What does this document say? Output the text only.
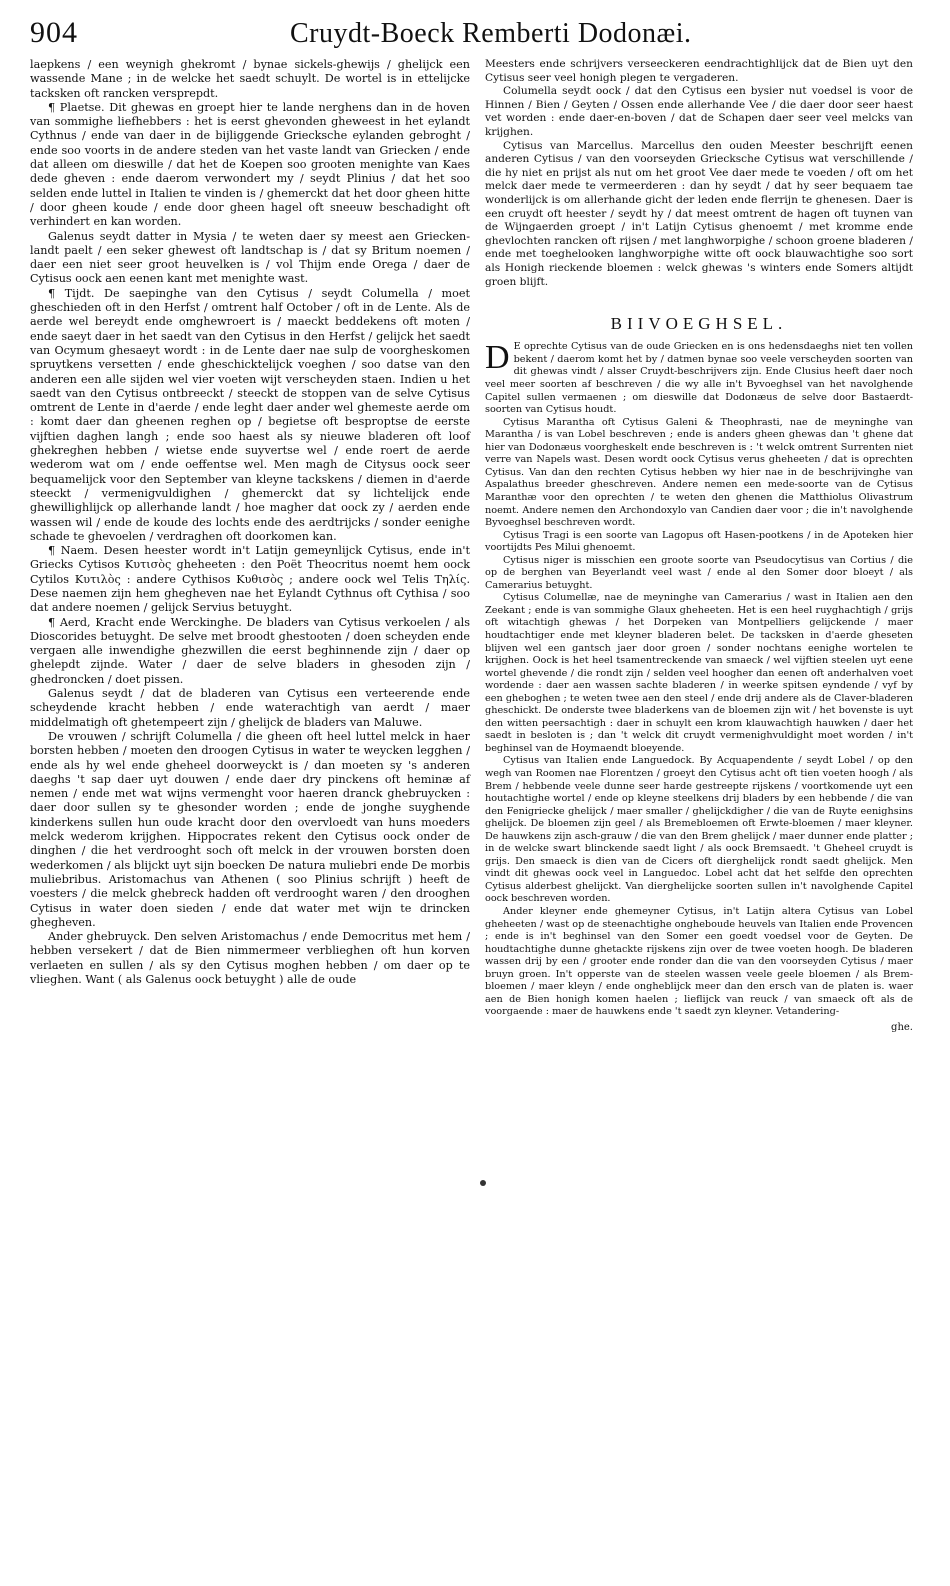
904	Cruydt-Boeck Remberti Dodonæi.

laepkens / een weynigh ghekromt / bynae sickels-ghewijs / ghelijck een wassende Mane ; in de welcke het saedt schuylt. De wortel is in ettelijcke tacksken oft rancken versprepdt.

¶ Plaetse. Dit ghewas en groept hier te lande nerghens dan in de hoven van sommighe liefhebbers : het is eerst ghevonden gheweest in het eylandt Cythnus / ende van daer in de bijliggende Griecksche eylanden gebroght / ende soo voorts in de andere steden van het vaste landt van Griecken / ende dat alleen om dieswille / dat het de Koepen soo grooten menighte van Kaes dede gheven : ende daerom verwondert my / seydt Plinius / dat het soo selden ende luttel in Italien te vinden is / ghemerckt dat het door gheen hitte / door gheen koude / ende door gheen hagel oft sneeuw beschadight oft verhindert en kan worden.

Galenus seydt datter in Mysia / te weten daer sy meest aen Griecken-landt paelt / een seker ghewest oft landtschap is / dat sy Britum noemen / daer een niet seer groot heuvelken is / vol Thijm ende Orega / daer de Cytisus oock aen eenen kant met menighte wast.

¶ Tijdt. De saepinghe van den Cytisus / seydt Columella / moet gheschieden oft in den Herfst / omtrent half October / oft in de Lente. Als de aerde wel bereydt ende omghewroert is / maeckt beddekens oft moten / ende saeyt daer in het saedt van den Cytisus in den Herfst / gelijck het saedt van Ocymum ghesaeyt wordt : in de Lente daer nae sulp de voorgheskomen spruytkens versetten / ende gheschicktelijck voeghen / soo datse van den anderen een alle sijden wel vier voeten wijt verscheyden staen. Indien u het saedt van den Cytisus ontbreeckt / steeckt de stoppen van de selve Cytisus omtrent de Lente in d'aerde / ende leght daer ander wel ghemeste aerde om : komt daer dan gheenen reghen op / begietse oft besproptse de eerste vijftien daghen langh ; ende soo haest als sy nieuwe bladeren oft loof ghekreghen hebben / wietse ende suyvertse wel / ende roert de aerde wederom wat om / ende oeffentse wel. Men magh de Citysus oock seer bequamelijck voor den September van kleyne tackskens / diemen in d'aerde steeckt / vermenigvuldighen / ghemerckt dat sy lichtelijck ende ghewillighlijck op allerhande landt / hoe magher dat oock zy / aerden ende wassen wil / ende de koude des lochts ende des aerdtrijcks / sonder eenighe schade te ghevoelen / verdraghen oft doorkomen kan.

¶ Naem. Desen heester wordt in't Latijn gemeynlijck Cytisus, ende in't Griecks Cytisos Κυτισὸς gheheeten : den Poët Theocritus noemt hem oock Cytilos Κυτιλὸς : andere Cythisos Κυθισὸς ; andere oock wel Telis Τηλίς. Dese naemen zijn hem ghegheven nae het Eylandt Cythnus oft Cythisa / soo dat andere noemen / gelijck Servius betuyght.

¶ Aerd, Kracht ende Werckinghe. De bladers van Cytisus verkoelen / als Dioscorides betuyght. De selve met broodt ghestooten / doen scheyden ende vergaen alle inwendighe ghezwillen die eerst beghinnende zijn / daer op ghelepdt zijnde. Water / daer de selve bladers in ghesoden zijn / ghedroncken / doet pissen.

Galenus seydt / dat de bladeren van Cytisus een verteerende ende scheydende kracht hebben / ende waterachtigh van aerdt / maer middelmatigh oft ghetempeert zijn / ghelijck de bladers van Maluwe.

De vrouwen / schrijft Columella / die gheen oft heel luttel melck in haer borsten hebben / moeten den droogen Cytisus in water te weycken legghen / ende als hy wel ende gheheel doorweyckt is / dan moeten sy 's anderen daeghs 't sap daer uyt douwen / ende daer dry pinckens oft heminæ af nemen / ende met wat wijns vermenght voor haeren dranck ghebruycken : daer door sullen sy te ghesonder worden ; ende de jonghe suyghende kinderkens sullen hun oude kracht door den overvloedt van huns moeders melck wederom krijghen. Hippocrates rekent den Cytisus oock onder de dinghen / die het verdrooght soch oft melck in der vrouwen borsten doen wederkomen / als blijckt uyt sijn boecken De natura muliebri ende De morbis muliebribus. Aristomachus van Athenen ( soo Plinius schrijft ) heeft de voesters / die melck ghebreck hadden oft verdrooght waren / den drooghen Cytisus in water doen sieden / ende dat water met wijn te drincken ghegheven.

Ander ghebruyck. Den selven Aristomachus / ende Democritus met hem / hebben versekert / dat de Bien nimmermeer verblieghen oft hun korven verlaeten en sullen / als sy den Cytisus moghen hebben / om daer op te vlieghen. Want ( als Galenus oock betuyght ) alle de oude

Meesters ende schrijvers verseeckeren eendrachtighlijck dat de Bien uyt den Cytisus seer veel honigh plegen te vergaderen.

Columella seydt oock / dat den Cytisus een bysier nut voedsel is voor de Hinnen / Bien / Geyten / Ossen ende allerhande Vee / die daer door seer haest vet worden : ende daer-en-boven / dat de Schapen daer seer veel melcks van krijghen.

Cytisus van Marcellus. Marcellus den ouden Meester beschrijft eenen anderen Cytisus / van den voorseyden Griecksche Cytisus wat verschillende / die hy niet en prijst als nut om het groot Vee daer mede te voeden / oft om het melck daer mede te vermeerderen : dan hy seydt / dat hy seer bequaem tae wonderlijck is om allerhande gicht der leden ende flerrijn te ghenesen. Daer is een cruydt oft heester / seydt hy / dat meest omtrent de hagen oft tuynen van de Wijngaerden groept / in't Latijn Cytisus ghenoemt / met kromme ende ghevlochten rancken oft rijsen / met langhworpighe / schoon groene bladeren / ende met toeghelooken langhworpighe witte oft oock blauwachtighe soo sort als Honigh rieckende bloemen : welck ghewas 's winters ende Somers altijdt groen blijft.

BIIVOEGHSEL.

D E oprechte Cytisus van de oude Griecken en is ons hedensdaeghs niet ten vollen bekent / daerom komt het by / datmen bynae soo veele verscheyden soorten van dit ghewas vindt / alsser Cruydt-beschrijvers zijn. Ende Clusius heeft daer noch veel meer soorten af beschreven / die wy alle in't Byvoeghsel van het navolghende Capitel sullen vermaenen ; om dieswille dat Dodonæus de selve door Bastaerdt-soorten van Cytisus houdt.

Cytisus Marantha oft Cytisus Galeni & Theophrasti, nae de meyninghe van Marantha / is van Lobel beschreven ; ende is anders gheen ghewas dan 't ghene dat hier van Dodonæus voorgheskelt ende beschreven is : 't welck omtrent Surrenten niet verre van Napels wast. Desen wordt oock Cytisus verus gheheeten / dat is oprechten Cytisus. Van dan den rechten Cytisus hebben wy hier nae in de beschrijvinghe van Aspalathus breeder gheschreven. Andere nemen een mede-soorte van de Cytisus Maranthæ voor den oprechten / te weten den ghenen die Matthiolus Olivastrum noemt. Andere nemen den Archondoxylo van Candien daer voor ; die in't navolghende Byvoeghsel beschreven wordt.

Cytisus Tragi is een soorte van Lagopus oft Hasen-pootkens / in de Apoteken hier voortijdts Pes Milui ghenoemt.

Cytisus niger is misschien een groote soorte van Pseudocytisus van Cortius / die op de berghen van Beyerlandt veel wast / ende al den Somer door bloeyt / als Camerarius betuyght.

Cytisus Columellæ, nae de meyninghe van Camerarius / wast in Italien aen den Zeekant ; ende is van sommighe Glaux gheheeten. Het is een heel ruyghachtigh / grijs oft witachtigh ghewas / het Dorpeken van Montpelliers gelijckende / maer houdtachtiger ende met kleyner bladeren belet. De tacksken in d'aerde gheseten blijven wel een gantsch jaer door groen / sonder nochtans eenighe wortelen te krijghen. Oock is het heel tsamentreckende van smaeck / wel vijftien steelen uyt eene wortel ghevende / die rondt zijn / selden veel hoogher dan eenen oft anderhalven voet wordende : daer aen wassen sachte bladeren / in weerke spitsen eyndende / vyf by een gheboghen ; te weten twee aen den steel / ende drij andere als de Claver-bladeren gheschickt. De onderste twee bladerkens van de bloemen zijn wit / het bovenste is uyt den witten peersachtigh : daer in schuylt een krom klauwachtigh hauwken / daer het saedt in besloten is ; dan 't welck dit cruydt vermenighvuldight moet worden / in't beghinsel van de Hoymaendt bloeyende.

Cytisus van Italien ende Languedock. By Acquapendente / seydt Lobel / op den wegh van Roomen nae Florentzen / groeyt den Cytisus acht oft tien voeten hoogh / als Brem / hebbende veele dunne seer harde gestreepte rijskens / voortkomende uyt een houtachtighe wortel / ende op kleyne steelkens drij bladers by een hebbende / die van den Fenigriecke ghelijck / maer smaller / ghelijckdigher / die van de Ruyte eenighsins ghelijck. De bloemen zijn geel / als Bremebloemen oft Erwte-bloemen / maer kleyner. De hauwkens zijn asch-grauw / die van den Brem ghelijck / maer dunner ende platter ; in de welcke swart blinckende saedt light / als oock Bremsaedt. 't Gheheel cruydt is grijs. Den smaeck is dien van de Cicers oft dierghelijck rondt saedt ghelijck. Men vindt dit ghewas oock veel in Languedoc. Lobel acht dat het selfde den oprechten Cytisus alderbest ghelijckt. Van dierghelijcke soorten sullen in't navolghende Capitel oock beschreven worden.

Ander kleyner ende ghemeyner Cytisus, in't Latijn altera Cytisus van Lobel gheheeten / wast op de steenachtighe ongheboude heuvels van Italien ende Provencen ; ende is in't beghinsel van den Somer een goedt voedsel voor de Geyten. De houdtachtighe dunne ghetackte rijskens zijn over de twee voeten hoogh. De bladeren wassen drij by een / grooter ende ronder dan die van den voorseyden Cytisus / maer bruyn groen. In't opperste van de steelen wassen veele geele bloemen / als Brem-bloemen / maer kleyn / ende ongheblijck meer dan den ersch van de platen is. waer aen de Bien honigh komen haelen ; lieflijck van reuck / van smaeck oft als de voorgaende : maer de hauwkens ende 't saedt zyn kleyner. Vetandering-

ghe.
